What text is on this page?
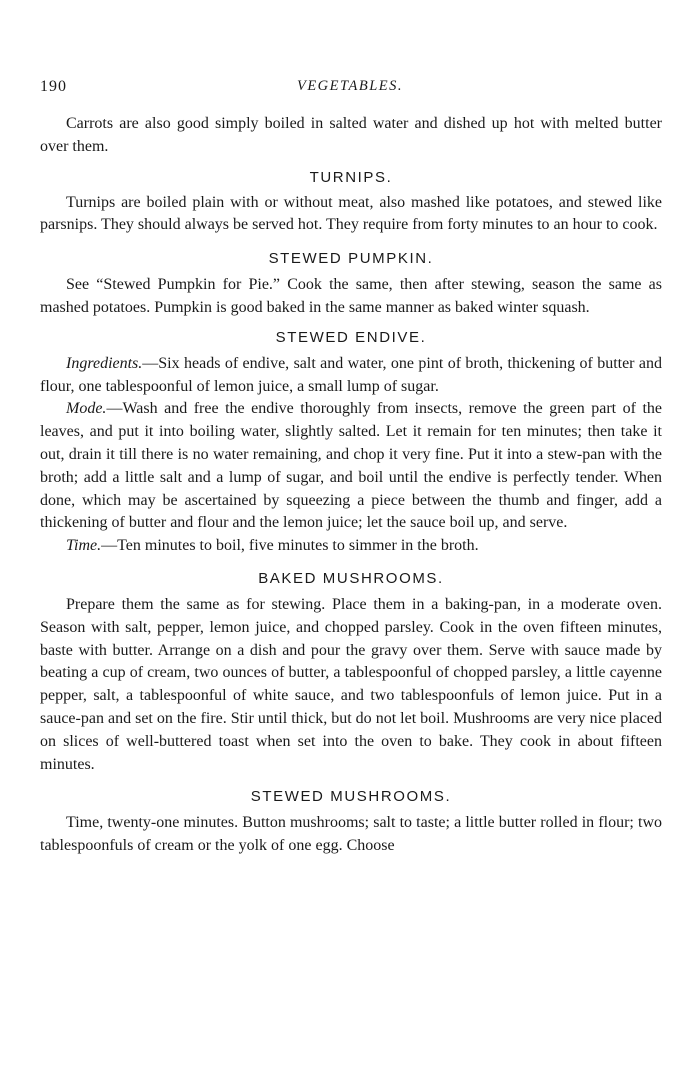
190	VEGETABLES.

Carrots are also good simply boiled in salted water and dished up hot with melted butter over them.

TURNIPS.

Turnips are boiled plain with or without meat, also mashed like potatoes, and stewed like parsnips. They should always be served hot. They require from forty minutes to an hour to cook.

STEWED PUMPKIN.

See “Stewed Pumpkin for Pie.” Cook the same, then after stewing, season the same as mashed potatoes. Pumpkin is good baked in the same manner as baked winter squash.

STEWED ENDIVE.

Ingredients.—Six heads of endive, salt and water, one pint of broth, thickening of butter and flour, one tablespoonful of lemon juice, a small lump of sugar.

Mode.—Wash and free the endive thoroughly from insects, remove the green part of the leaves, and put it into boiling water, slightly salted. Let it remain for ten minutes; then take it out, drain it till there is no water remaining, and chop it very fine. Put it into a stew-pan with the broth; add a little salt and a lump of sugar, and boil until the endive is perfectly tender. When done, which may be ascertained by squeezing a piece between the thumb and finger, add a thickening of butter and flour and the lemon juice; let the sauce boil up, and serve.

Time.—Ten minutes to boil, five minutes to simmer in the broth.

BAKED MUSHROOMS.

Prepare them the same as for stewing. Place them in a baking-pan, in a moderate oven. Season with salt, pepper, lemon juice, and chopped parsley. Cook in the oven fifteen minutes, baste with butter. Arrange on a dish and pour the gravy over them. Serve with sauce made by beating a cup of cream, two ounces of butter, a tablespoonful of chopped parsley, a little cayenne pepper, salt, a tablespoonful of white sauce, and two tablespoonfuls of lemon juice. Put in a sauce-pan and set on the fire. Stir until thick, but do not let boil. Mushrooms are very nice placed on slices of well-buttered toast when set into the oven to bake. They cook in about fifteen minutes.

STEWED MUSHROOMS.

Time, twenty-one minutes. Button mushrooms; salt to taste; a little butter rolled in flour; two tablespoonfuls of cream or the yolk of one egg. Choose
